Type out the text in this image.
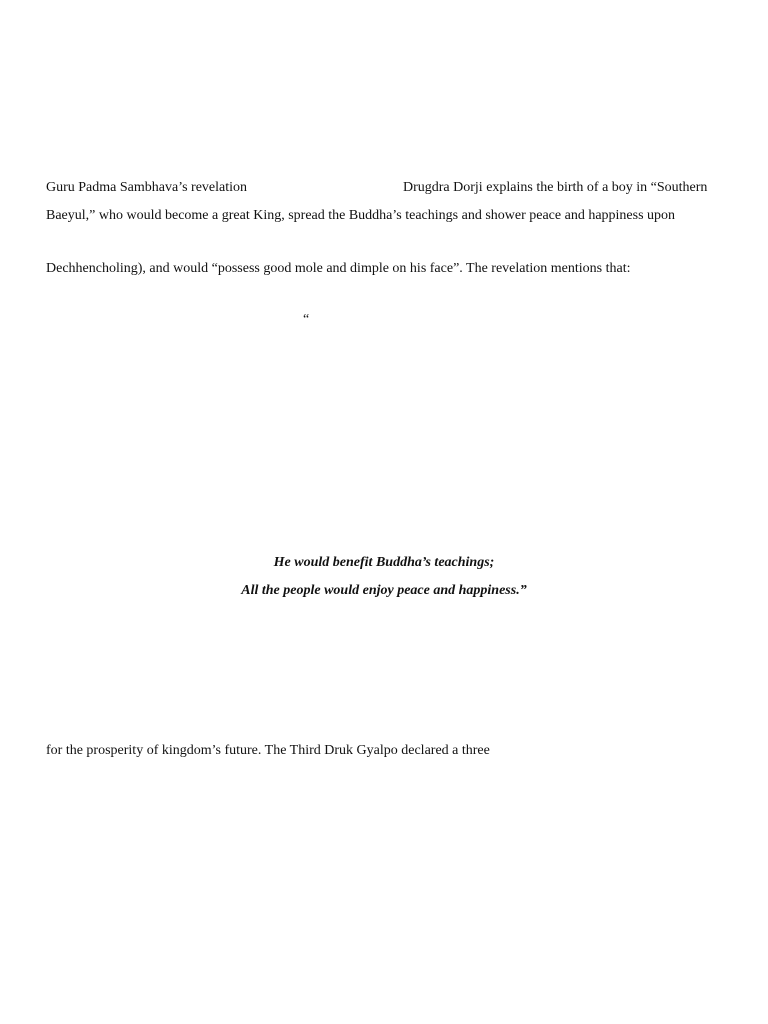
Guru Padma Sambhava’s revelation	Drugdra Dorji explains the birth of a boy in “Southern
Baeyul,” who would become a great King, spread the Buddha’s teachings and shower peace and happiness upon
Dechhencholing), and would “possess good mole and dimple on his face”. The revelation mentions that:
“
He would benefit Buddha’s teachings;
All the people would enjoy peace and happiness.”
for the prosperity of kingdom’s future. The Third Druk Gyalpo declared a three
